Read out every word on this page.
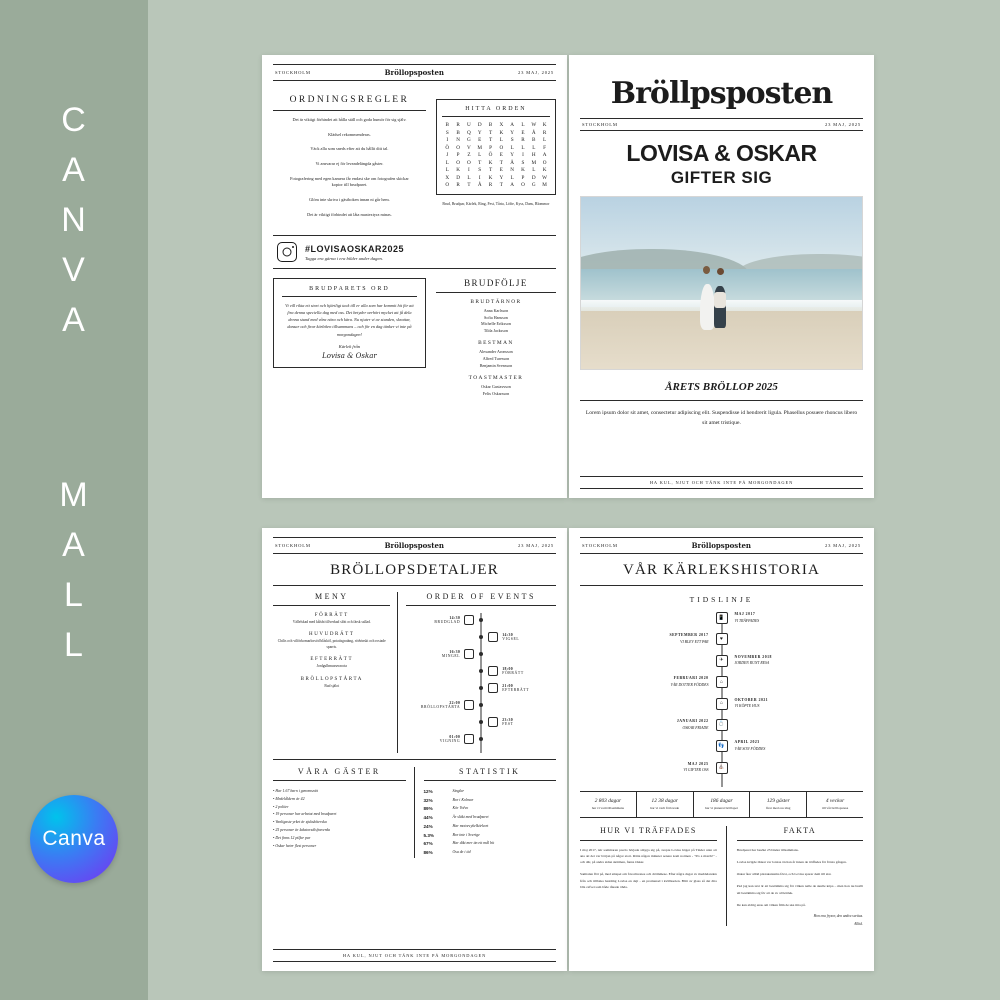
C
A
N
V
A
M
A
L
L
Canva
STOCKHOLM	Bröllopsposten	23 MAJ, 2025
ORDNINGSREGLER

Det är viktigt förhindet att hålla ställ och goda humör för sig själv.

Klädsel rekommenderas.

Väck alla som sneds efter att du hållit ditt tal.

Vi ansvarar ej för levandelängda gåster.

Fotografering med egen kamera får endast ske om fotografen skickar kopior till brudparet.

Glöm inte skriva i gästboken innan ni går hem.

Det är viktigt förbindet att låta mastextyra minas.

HITTA ORDEN
B	R	U	D	B	X	A	L	W	K
S	B	Q	Y	T	K	Y	E	Å	R
I	N	G	E	T	L	S	R	B	L
Ö	O	V	M	P	O	L	L	L	F
J	P	Z	L	Ö	E	Y	I	H	A
L	O	O	T	K	T	Å	S	M	O
L	K	I	S	T	E	N	K	L	K
X	D	L	I	K	Y	L	P	D	W
O	R	T	Å	R	T	A	O	G	M
Brud, Brudpar, Kärlek, Ring, Fest, Tårta, Löfte, Kyss, Dans, Blommor
#LOVISAOSKAR2025
Tagga era gärna i era bilder under dagen.
BRUDPARETS ORD
Vi vill rikta ett stort och hjärtligt tack till er alla som har kommit hit för att fira denna speciella dag med oss. Det betyder oerhört mycket att få dela denna stund med våra nära och kära. Nu njuter vi av stunden, skrattar, dansar och firar kärleken tillsammans – och för en dag tänker vi inte på morgondagen!
Kärlek från
Lovisa & Oskar
BRUDFÖLJE
BRUDTÄRNOR
Anna Karlsson
Sofia Hansson
Michelle Eriksson
Tilda Jacksson
BESTMAN
Alexander Aronsson
Alfred Turesson
Benjamin Svensson
TOASTMASTER
Oskar Gustavsson
Felix Oskarsson
Bröllpsposten
STOCKHOLM	23 MAJ, 2025
LOVISA & OSKAR
GIFTER SIG
ÅRETS BRÖLLOP 2025
Lorem ipsum dolor sit amet, consectetur adipiscing elit. Suspendisse id hendrerit ligula. Phasellus posuere rhoncus libero sit amet tristique.
HA KUL, NJUT OCH TÄNK INTE PÅ MORGONDAGEN
STOCKHOLM	Bröllopsposten	23 MAJ, 2025
BRÖLLOPSDETALJER
MENY
FÖRRÄTT
Vällelskad med kålsbt tillverkad slött och färsk sallad.
HUVUDRÄTT
Chilis och vilförkomarlorsöd blåsköl, potatisgratäng, rödvinskt och rostade sparris.
EFTERRÄTT
Jordgulbmusseracota
BRÖLLOPSTÅRTA
Bud själot
ORDER OF EVENTS
14:30
BRUDGLAD
14:30
VIGSEL
16:30
MINGEL
18:00
FÖRRÄTT
21:00
EFTERRÄTT
22:00
BRÖLLOPSTÅRTA
23:30
FEST
01:00
VIGNING
VÅRA GÄSTER
• Har 1.67 barn i genomsnitt
• Medelåldern är 42
• 2 politer
• 19 personer har arbetat med brudparet
• Vanligaste yrket är sjuksköterska
• 25 personer är lakatorsälsfraverda
• Det finns 12 pilfar par
• Oskar heter flest personer
STATISTIK
12%	Singlar
32%	Bor i Kolmar
89%	Kör Volvo
44%	Är släkt med brudparet
24%	Har motorcykelkörkort
5.3%	Bor inte i Sverige
67%	Har dikt mer än ett mål bit
86%	Osa de i tid
HA KUL, NJUT OCH TÄNK INTE PÅ MORGONDAGEN
STOCKHOLM	Bröllopsposten	23 MAJ, 2025
VÅR KÄRLEKSHISTORIA
TIDSLINJE
📱
MAJ 2017
VI TRÄFFADES
SEPTEMBER 2017
VI BLEV ETT PAR
♥
✈
NOVEMBER 2018
JORDEN RUNT RESA
FEBRUARI 2020
VÅR DOTTER FÖDDES
⌂
⌂
OKTOBER 2021
VI KÖPTE HUS
JANUARI 2022
OSKAR FRIADE
💍
👣
APRIL 2023
VÅR SON FÖDDES
MAJ 2025
VI GIFTER OSS
⛪
2 803 dagar
har vi varit tillsammans
12 38 dagar
har vi varit förlovade
186 dagar
har vi planerat bröllopet
129 gäster
firar med oss idag
4 veckor
till vår bröllopsresa
HUR VI TRÄFFADES
I maj 2017, när sommaren precis började smyga sig på, svepte Lovisa höger på Tinder utan att ana att det var början på något stort. Rätta någon minuter senare kom nottnen - "It's a match!" - och där, på andra sidan skärmen, fanns Oskar.
Samtalen flöt på, med smspet om favoritrestee och drömmese. Efter några dagar av meddelanden från och tillbaka bestämg Lovisa en dejt - en promenad i kvällssolen. Blitt av glass så det dita blla cafvet som både råkade öhda.
FAKTA
Brudparet har besökt 23 länder tillsammans.
Lovisa kvigde Oskar var lorstas ön han år innan de träffades för första gången.
Oskar åter alltid pizzakantema först, och Lovisa sparar dem till sist.
Pad jag kan text är att bestämma sig för vilken nalle de skulle köpa – men hon nu brøllt ult bestämma sig för att de av all kärlek.
De kan aldrig enas om vilken film de ska titta på.
Hon ena frysor, den andra svettas.
Alltid.
